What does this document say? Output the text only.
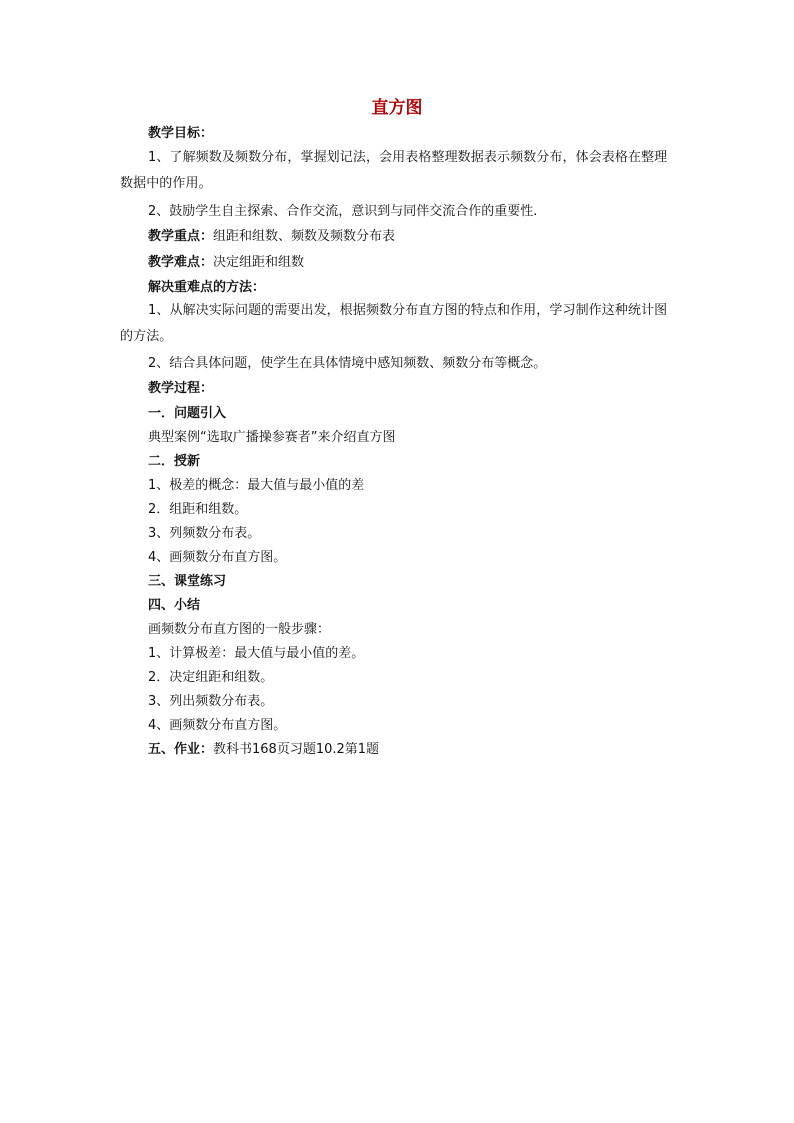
直方图
教学目标：
1、了解频数及频数分布，掌握划记法，会用表格整理数据表示频数分布，体会表格在整理数据中的作用。
2、鼓励学生自主探索、合作交流，意识到与同伴交流合作的重要性.
教学重点：组距和组数、频数及频数分布表
教学难点：决定组距和组数
解决重难点的方法：
1、从解决实际问题的需要出发，根据频数分布直方图的特点和作用，学习制作这种统计图的方法。
2、结合具体问题，使学生在具体情境中感知频数、频数分布等概念。
教学过程：
一．问题引入
典型案例“选取广播操参赛者”来介绍直方图
二．授新
1、极差的概念：最大值与最小值的差
2．组距和组数。
3、列频数分布表。
4、画频数分布直方图。
三、课堂练习
四、小结
画频数分布直方图的一般步骤：
1、计算极差：最大值与最小值的差。
2．决定组距和组数。
3、列出频数分布表。
4、画频数分布直方图。
五、作业：教科书168页习题10.2第1题
